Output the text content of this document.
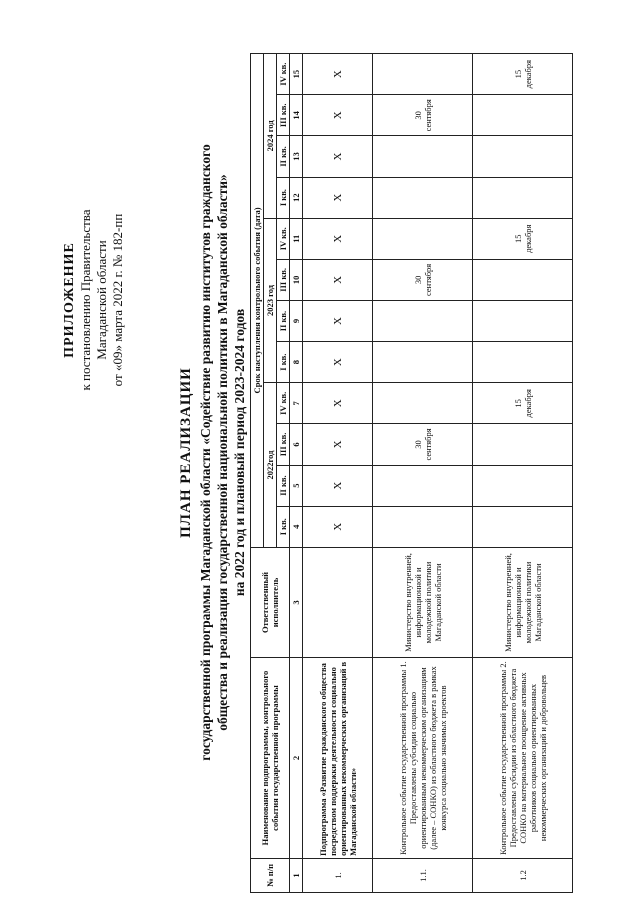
ПРИЛОЖЕНИЕ к постановлению Правительства Магаданской области от «09» марта 2022 г. № 182-пп
ПЛАН РЕАЛИЗАЦИИ государственной программы Магаданской области «Содействие развитию институтов гражданского общества и реализация государственной национальной политики в Магаданской области» на 2022 год и плановый период 2023-2024 годов
№ п/п	Наименование подпрограммы, контрольного события государственной программы	Ответственный исполнитель	Срок наступления контрольного события (дата)											
			2022год				2023 год				2024 год			
			I кв.	II кв.	III кв.	IV кв.	I кв.	II кв.	III кв.	IV кв.	I кв.	II кв.	III кв.	IV кв.
1	2	3	4	5	6	7	8	9	10	11	12	13	14	15
1.	Подпрограмма «Развитие гражданского общества посредством поддержки деятельности социально ориентированных некоммерческих организаций в Магаданской области»		X	X	X	X	X	X	X	X	X	X	X	X
1.1.	Контрольное событие государственной программы 1. Предоставлены субсидии социально ориентированным некоммерческим организациям (далее – СОНКО) из областного бюджета в рамках конкурса социально значимых проектов	Министерство внутренней, информационной и молодежной политики Магаданской области			30 сентября				30 сентября				30 сентября	
1.2	Контрольное событие государственной программы 2. Предоставлены субсидии из областного бюджета СОНКО на материальное поощрение активных работников социально ориентированных некоммерческих организаций и добровольцев	Министерство внутренней, информационной и молодежной политики Магаданской области				15 декабря				15 декабря				15 декабря
